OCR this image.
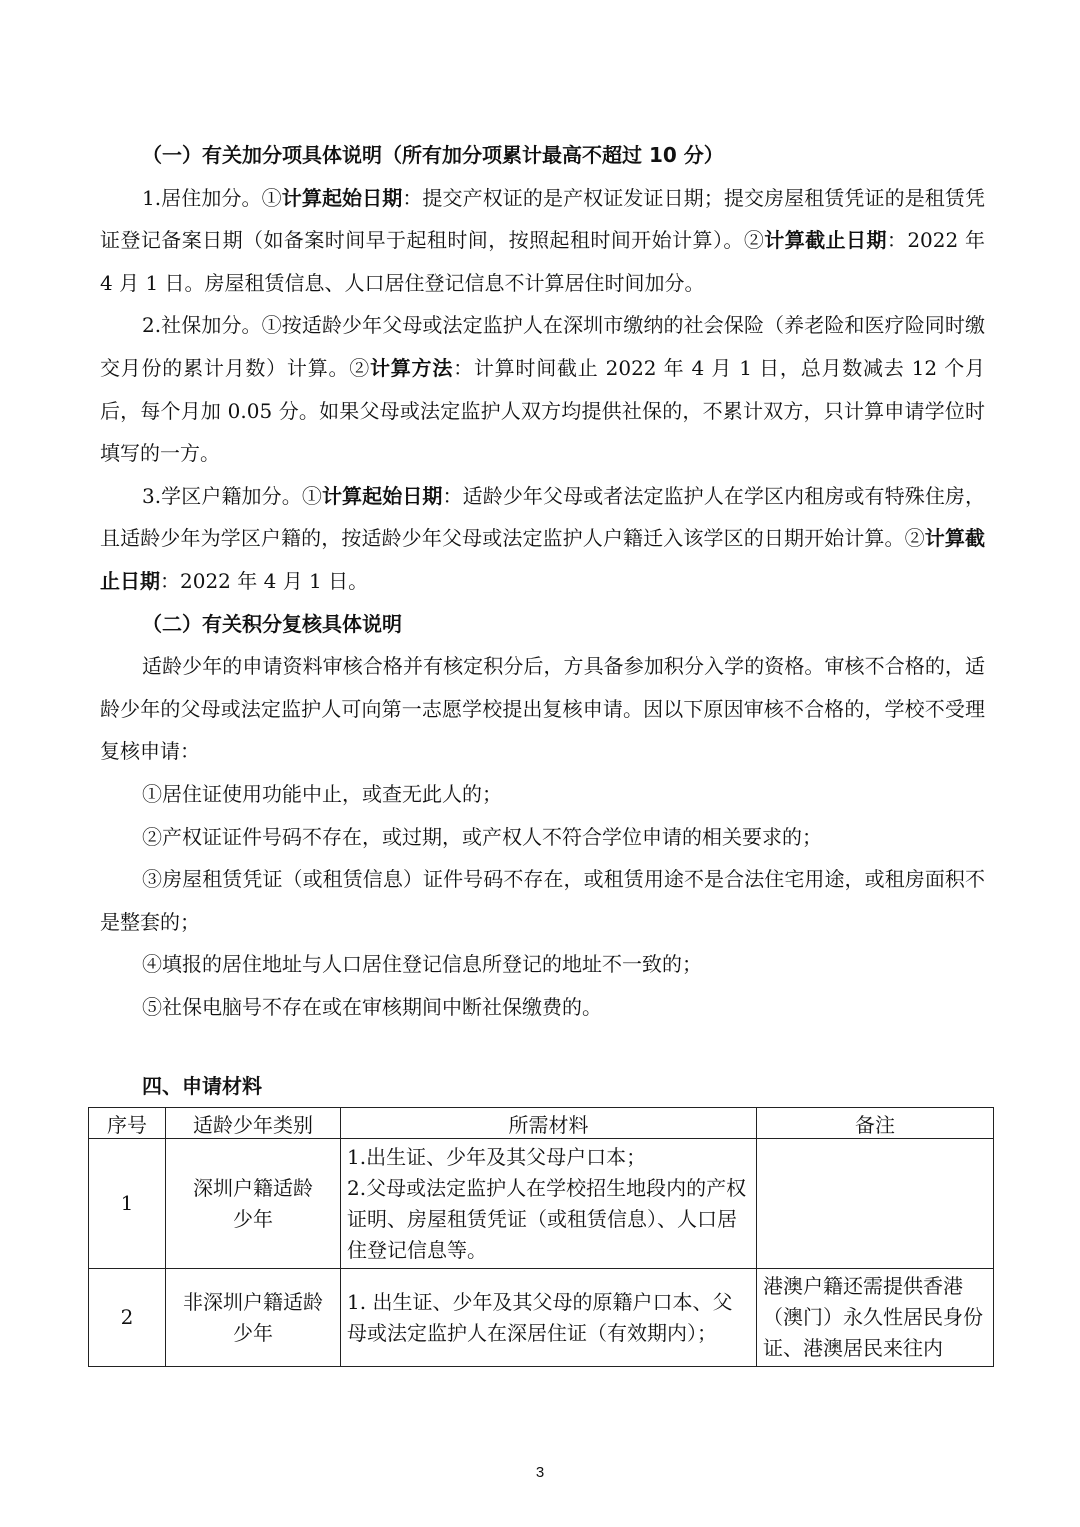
（一）有关加分项具体说明（所有加分项累计最高不超过 10 分）

1.居住加分。①计算起始日期：提交产权证的是产权证发证日期；提交房屋租赁凭证的是租赁凭证登记备案日期（如备案时间早于起租时间，按照起租时间开始计算）。②计算截止日期：2022 年 4 月 1 日。房屋租赁信息、人口居住登记信息不计算居住时间加分。

2.社保加分。①按适龄少年父母或法定监护人在深圳市缴纳的社会保险（养老险和医疗险同时缴交月份的累计月数）计算。②计算方法：计算时间截止 2022 年 4 月 1 日，总月数减去 12 个月后，每个月加 0.05 分。如果父母或法定监护人双方均提供社保的，不累计双方，只计算申请学位时填写的一方。

3.学区户籍加分。①计算起始日期：适龄少年父母或者法定监护人在学区内租房或有特殊住房，且适龄少年为学区户籍的，按适龄少年父母或法定监护人户籍迁入该学区的日期开始计算。②计算截止日期：2022 年 4 月 1 日。

（二）有关积分复核具体说明

适龄少年的申请资料审核合格并有核定积分后，方具备参加积分入学的资格。审核不合格的，适龄少年的父母或法定监护人可向第一志愿学校提出复核申请。因以下原因审核不合格的，学校不受理复核申请：

①居住证使用功能中止，或查无此人的；

②产权证证件号码不存在，或过期，或产权人不符合学位申请的相关要求的；

③房屋租赁凭证（或租赁信息）证件号码不存在，或租赁用途不是合法住宅用途，或租房面积不是整套的；

④填报的居住地址与人口居住登记信息所登记的地址不一致的；

⑤社保电脑号不存在或在审核期间中断社保缴费的。

四、申请材料
序号	适龄少年类别	所需材料	备注
1	深圳户籍适龄少年	1.出生证、少年及其父母户口本；
2.父母或法定监护人在学校招生地段内的产权证明、房屋租赁凭证（或租赁信息）、人口居住登记信息等。	

2	非深圳户籍适龄少年	1. 出生证、少年及其父母的原籍户口本、父母或法定监护人在深居住证（有效期内）；	港澳户籍还需提供香港（澳门）永久性居民身份证、港澳居民来往内
3
